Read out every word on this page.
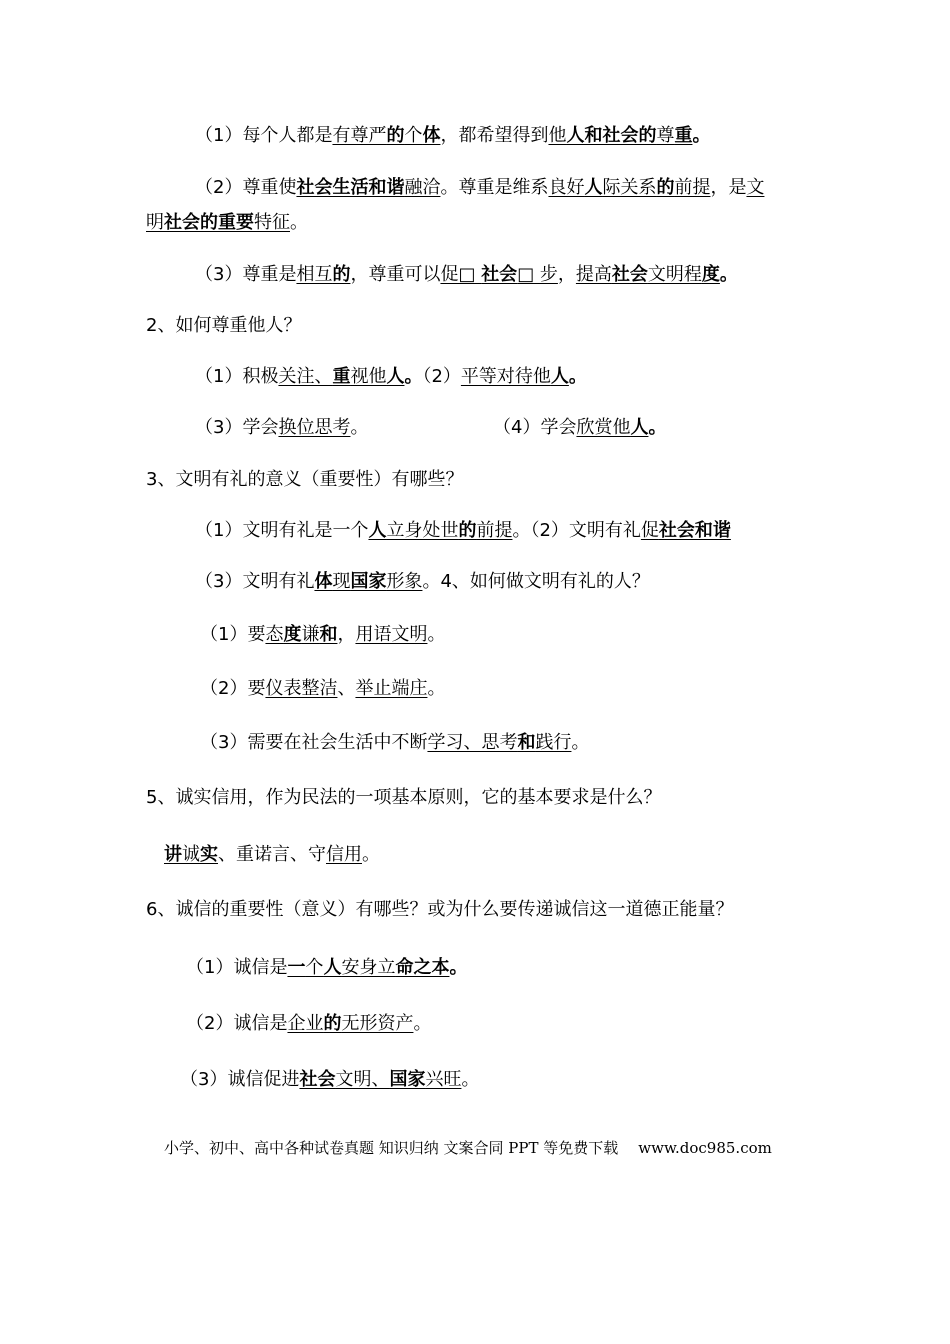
（1）每个人都是有尊严的个体，都希望得到他人和社会的尊重。
（2）尊重使社会生活和谐融洽。尊重是维系良好人际关系的前提，是文
明社会的重要特征。
（3）尊重是相互的，尊重可以促□ 社会□ 步，提高社会文明程度。
2、如何尊重他人？
（1）积极关注、重视他人。（2）平等对待他人。
（3）学会换位思考。	（4）学会欣赏他人。
3、文明有礼的意义（重要性）有哪些？
（1）文明有礼是一个人立身处世的前提。（2）文明有礼促社会和谐
（3）文明有礼体现国家形象。4、如何做文明有礼的人？
（1）要态度谦和，用语文明。
（2）要仪表整洁、举止端庄。
（3）需要在社会生活中不断学习、思考和践行。
5、诚实信用，作为民法的一项基本原则，它的基本要求是什么？
讲诚实、重诺言、守信用。
6、诚信的重要性（意义）有哪些？或为什么要传递诚信这一道德正能量？
（1）诚信是一个人安身立命之本。
（2）诚信是企业的无形资产。
（3）诚信促进社会文明、国家兴旺。
小学、初中、高中各种试卷真题 知识归纳 文案合同 PPT 等免费下载 www.doc985.com
